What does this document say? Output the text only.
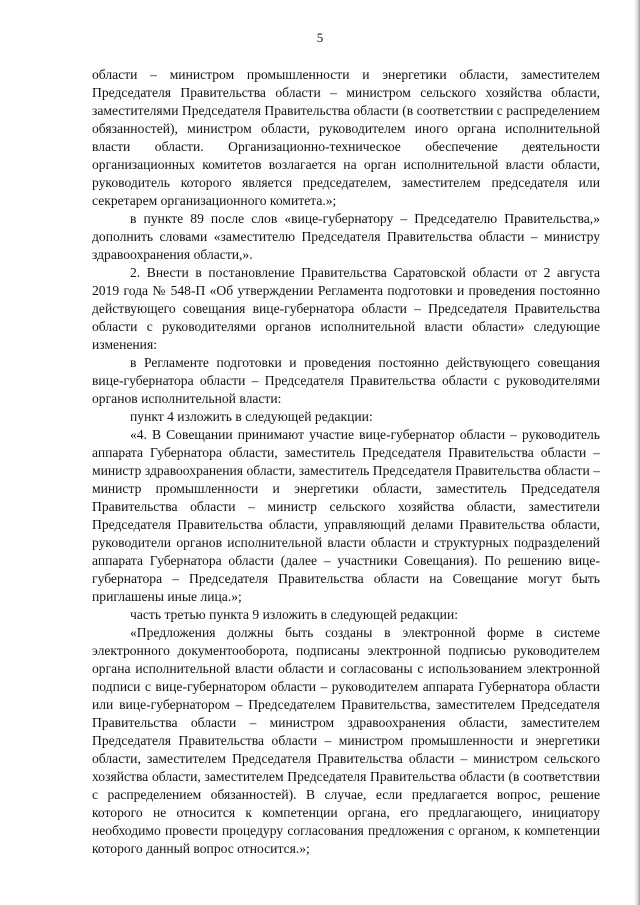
5

области – министром промышленности и энергетики области, заместителем Председателя Правительства области – министром сельского хозяйства области, заместителями Председателя Правительства области (в соответствии с распределением обязанностей), министром области, руководителем иного органа исполнительной власти области. Организационно-техническое обеспечение деятельности организационных комитетов возлагается на орган исполнительной власти области, руководитель которого является председателем, заместителем председателя или секретарем организационного комитета.»;

в пункте 89 после слов «вице-губернатору – Председателю Правительства,» дополнить словами «заместителю Председателя Правительства области – министру здравоохранения области,».

2. Внести в постановление Правительства Саратовской области от 2 августа 2019 года № 548-П «Об утверждении Регламента подготовки и проведения постоянно действующего совещания вице-губернатора области – Председателя Правительства области с руководителями органов исполнительной власти области» следующие изменения:

в Регламенте подготовки и проведения постоянно действующего совещания вице-губернатора области – Председателя Правительства области с руководителями органов исполнительной власти:

пункт 4 изложить в следующей редакции:

«4. В Совещании принимают участие вице-губернатор области – руководитель аппарата Губернатора области, заместитель Председателя Правительства области – министр здравоохранения области, заместитель Председателя Правительства области – министр промышленности и энергетики области, заместитель Председателя Правительства области – министр сельского хозяйства области, заместители Председателя Правительства области, управляющий делами Правительства области, руководители органов исполнительной власти области и структурных подразделений аппарата Губернатора области (далее – участники Совещания). По решению вице-губернатора – Председателя Правительства области на Совещание могут быть приглашены иные лица.»;

часть третью пункта 9 изложить в следующей редакции:

«Предложения должны быть созданы в электронной форме в системе электронного документооборота, подписаны электронной подписью руководителем органа исполнительной власти области и согласованы с использованием электронной подписи с вице-губернатором области – руководителем аппарата Губернатора области или вице-губернатором – Председателем Правительства, заместителем Председателя Правительства области – министром здравоохранения области, заместителем Председателя Правительства области – министром промышленности и энергетики области, заместителем Председателя Правительства области – министром сельского хозяйства области, заместителем Председателя Правительства области (в соответствии с распределением обязанностей). В случае, если предлагается вопрос, решение которого не относится к компетенции органа, его предлагающего, инициатору необходимо провести процедуру согласования предложения с органом, к компетенции которого данный вопрос относится.»;
